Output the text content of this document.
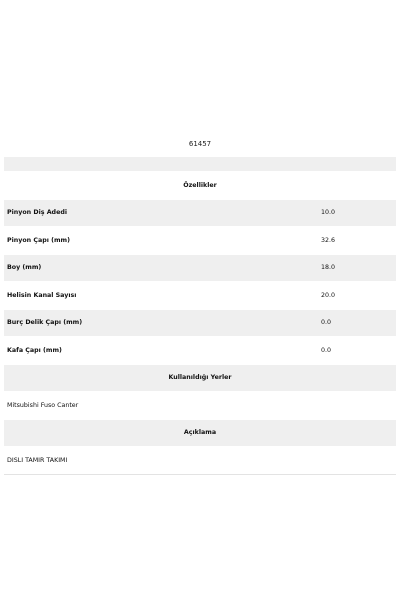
61457
Özellikler
Pinyon Diş Adedi	10.0
Pinyon Çapı (mm)	32.6
Boy (mm)	18.0
Helisin Kanal Sayısı	20.0
Burç Delik Çapı (mm)	0.0
Kafa Çapı (mm)	0.0
Kullanıldığı Yerler
Mitsubishi Fuso Canter
Açıklama
DISLI TAMIR TAKIMI
